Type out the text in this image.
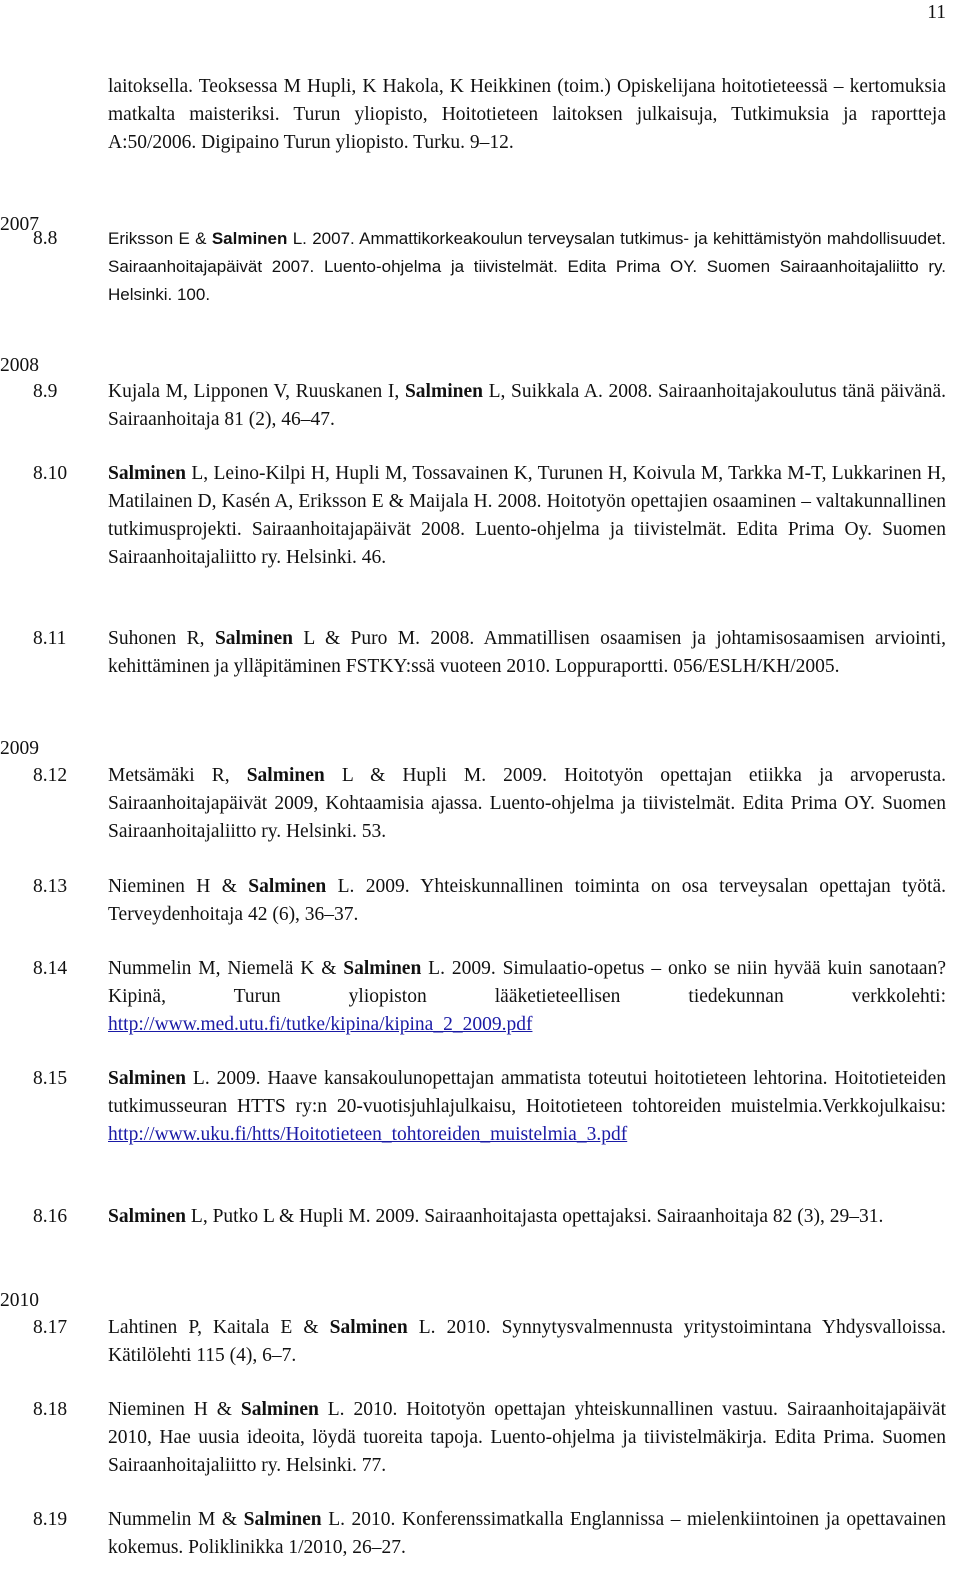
11
2007
2008
2009
2010
laitoksella. Teoksessa M Hupli, K Hakola, K Heikkinen (toim.) Opiskelijana hoitotieteessä – kertomuksia matkalta maisteriksi. Turun yliopisto, Hoitotieteen laitoksen julkaisuja, Tutkimuksia ja raportteja A:50/2006. Digipaino Turun yliopisto. Turku. 9–12.
8.8	Eriksson E & Salminen L. 2007. Ammattikorkeakoulun terveysalan tutkimus- ja kehittämistyön mahdollisuudet. Sairaanhoitajapäivät 2007. Luento-ohjelma ja tiivistelmät. Edita Prima OY. Suomen Sairaanhoitajaliitto ry. Helsinki. 100.
8.9	Kujala M, Lipponen V, Ruuskanen I, Salminen L, Suikkala A. 2008. Sairaanhoitajakoulutus tänä päivänä. Sairaanhoitaja 81 (2), 46–47.
8.10 Salminen L, Leino-Kilpi H, Hupli M, Tossavainen K, Turunen H, Koivula M, Tarkka M-T, Lukkarinen H, Matilainen D, Kasén A, Eriksson E & Maijala H. 2008. Hoitotyön opettajien osaaminen – valtakunnallinen tutkimusprojekti. Sairaanhoitajapäivät 2008. Luento-ohjelma ja tiivistelmät. Edita Prima Oy. Suomen Sairaanhoitajaliitto ry. Helsinki. 46.
8.11 Suhonen R, Salminen L & Puro M. 2008. Ammatillisen osaamisen ja johtamisosaamisen arviointi, kehittäminen ja ylläpitäminen FSTKY:ssä vuoteen 2010. Loppuraportti. 056/ESLH/KH/2005.
8.12 Metsämäki R, Salminen L & Hupli M. 2009. Hoitotyön opettajan etiikka ja arvoperusta. Sairaanhoitajapäivät 2009, Kohtaamisia ajassa. Luento-ohjelma ja tiivistelmät. Edita Prima OY. Suomen Sairaanhoitajaliitto ry. Helsinki. 53.
8.13 Nieminen H & Salminen L. 2009. Yhteiskunnallinen toiminta on osa terveysalan opettajan työtä. Terveydenhoitaja 42 (6), 36–37.
8.14 Nummelin M, Niemelä K & Salminen L. 2009. Simulaatio-opetus – onko se niin hyvää kuin sanotaan? Kipinä, Turun yliopiston lääketieteellisen tiedekunnan verkkolehti: http://www.med.utu.fi/tutke/kipina/kipina_2_2009.pdf
8.15 Salminen L. 2009. Haave kansakoulunopettajan ammatista toteutui hoitotieteen lehtorina. Hoitotieteiden tutkimusseuran HTTS ry:n 20-vuotisjuhlajulkaisu, Hoitotieteen tohtoreiden muistelmia.Verkkojulkaisu: http://www.uku.fi/htts/Hoitotieteen_tohtoreiden_muistelmia_3.pdf
8.16 Salminen L, Putko L & Hupli M. 2009. Sairaanhoitajasta opettajaksi. Sairaanhoitaja 82 (3), 29–31.
8.17 Lahtinen P, Kaitala E & Salminen L. 2010. Synnytysvalmennusta yritystoimintana Yhdysvalloissa. Kätilölehti 115 (4), 6–7.
8.18 Nieminen H & Salminen L. 2010. Hoitotyön opettajan yhteiskunnallinen vastuu. Sairaanhoitajapäivät 2010, Hae uusia ideoita, löydä tuoreita tapoja. Luento-ohjelma ja tiivistelmäkirja. Edita Prima. Suomen Sairaanhoitajaliitto ry. Helsinki. 77.
8.19 Nummelin M & Salminen L. 2010. Konferenssimatkalla Englannissa – mielenkiintoinen ja opettavainen kokemus. Poliklinikka 1/2010, 26–27.
